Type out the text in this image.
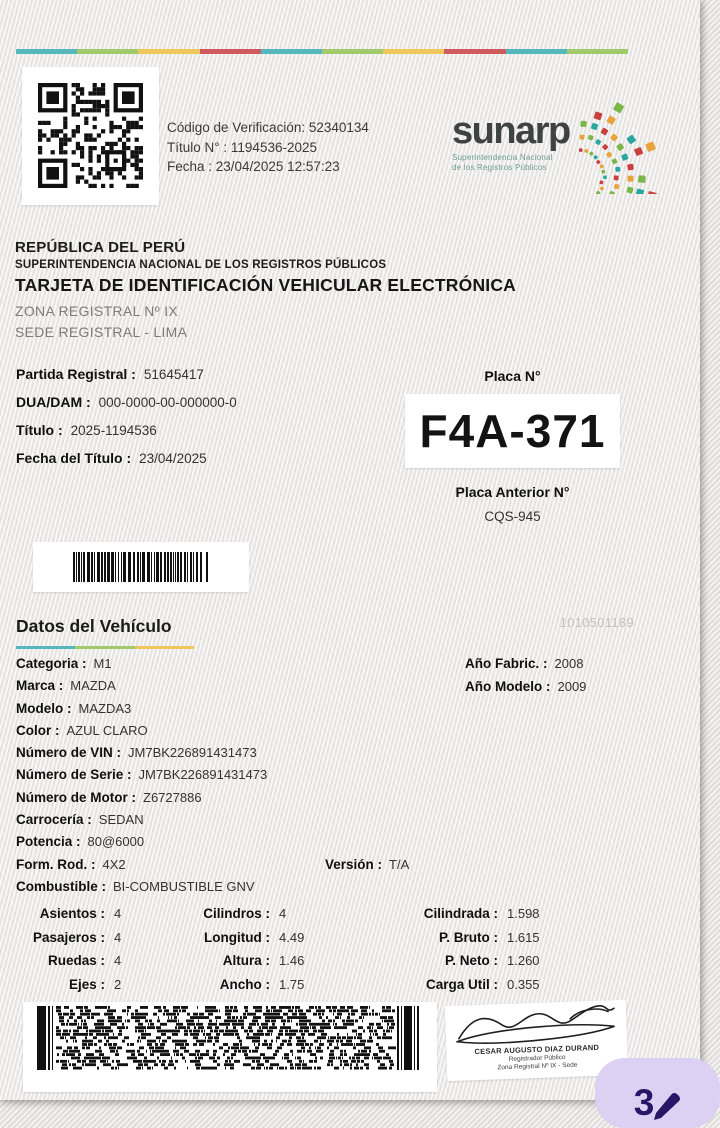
Código de Verificación: 52340134
Título N° : 1194536-2025
Fecha : 23/04/2025 12:57:23
sunarp
Superintendencia Nacional
de los Registros Públicos
REPÚBLICA DEL PERÚ
SUPERINTENDENCIA NACIONAL DE LOS REGISTROS PÚBLICOS
TARJETA DE IDENTIFICACIÓN VEHICULAR ELECTRÓNICA
ZONA REGISTRAL Nº IX
SEDE REGISTRAL - LIMA
Partida Registral : 51645417
DUA/DAM : 000-0000-00-000000-0
Título : 2025-1194536
Fecha del Título : 23/04/2025
Placa N°
F4A-371
Placa Anterior N°
CQS-945
Datos del Vehículo	1010501189
Categoria : M1
Marca : MAZDA
Modelo : MAZDA3
Color : AZUL CLARO
Número de VIN : JM7BK226891431473
Número de Serie : JM7BK226891431473
Número de Motor : Z6727886
Carrocería : SEDAN
Potencia : 80@6000
Form. Rod. : 4X2	Versión : T/A
Combustible : BI-COMBUSTIBLE GNV
Año Fabric. : 2008
Año Modelo : 2009
Asientos : 4	Cilindros : 4	Cilindrada : 1.598
Pasajeros : 4	Longitud : 4.49	P. Bruto : 1.615
Ruedas : 4	Altura : 1.46	P. Neto : 1.260
Ejes : 2	Ancho : 1.75	Carga Util : 0.355
CESAR AUGUSTO DIAZ DURAND
Registrador Público
Zona Registral Nº IX - Sede
3
